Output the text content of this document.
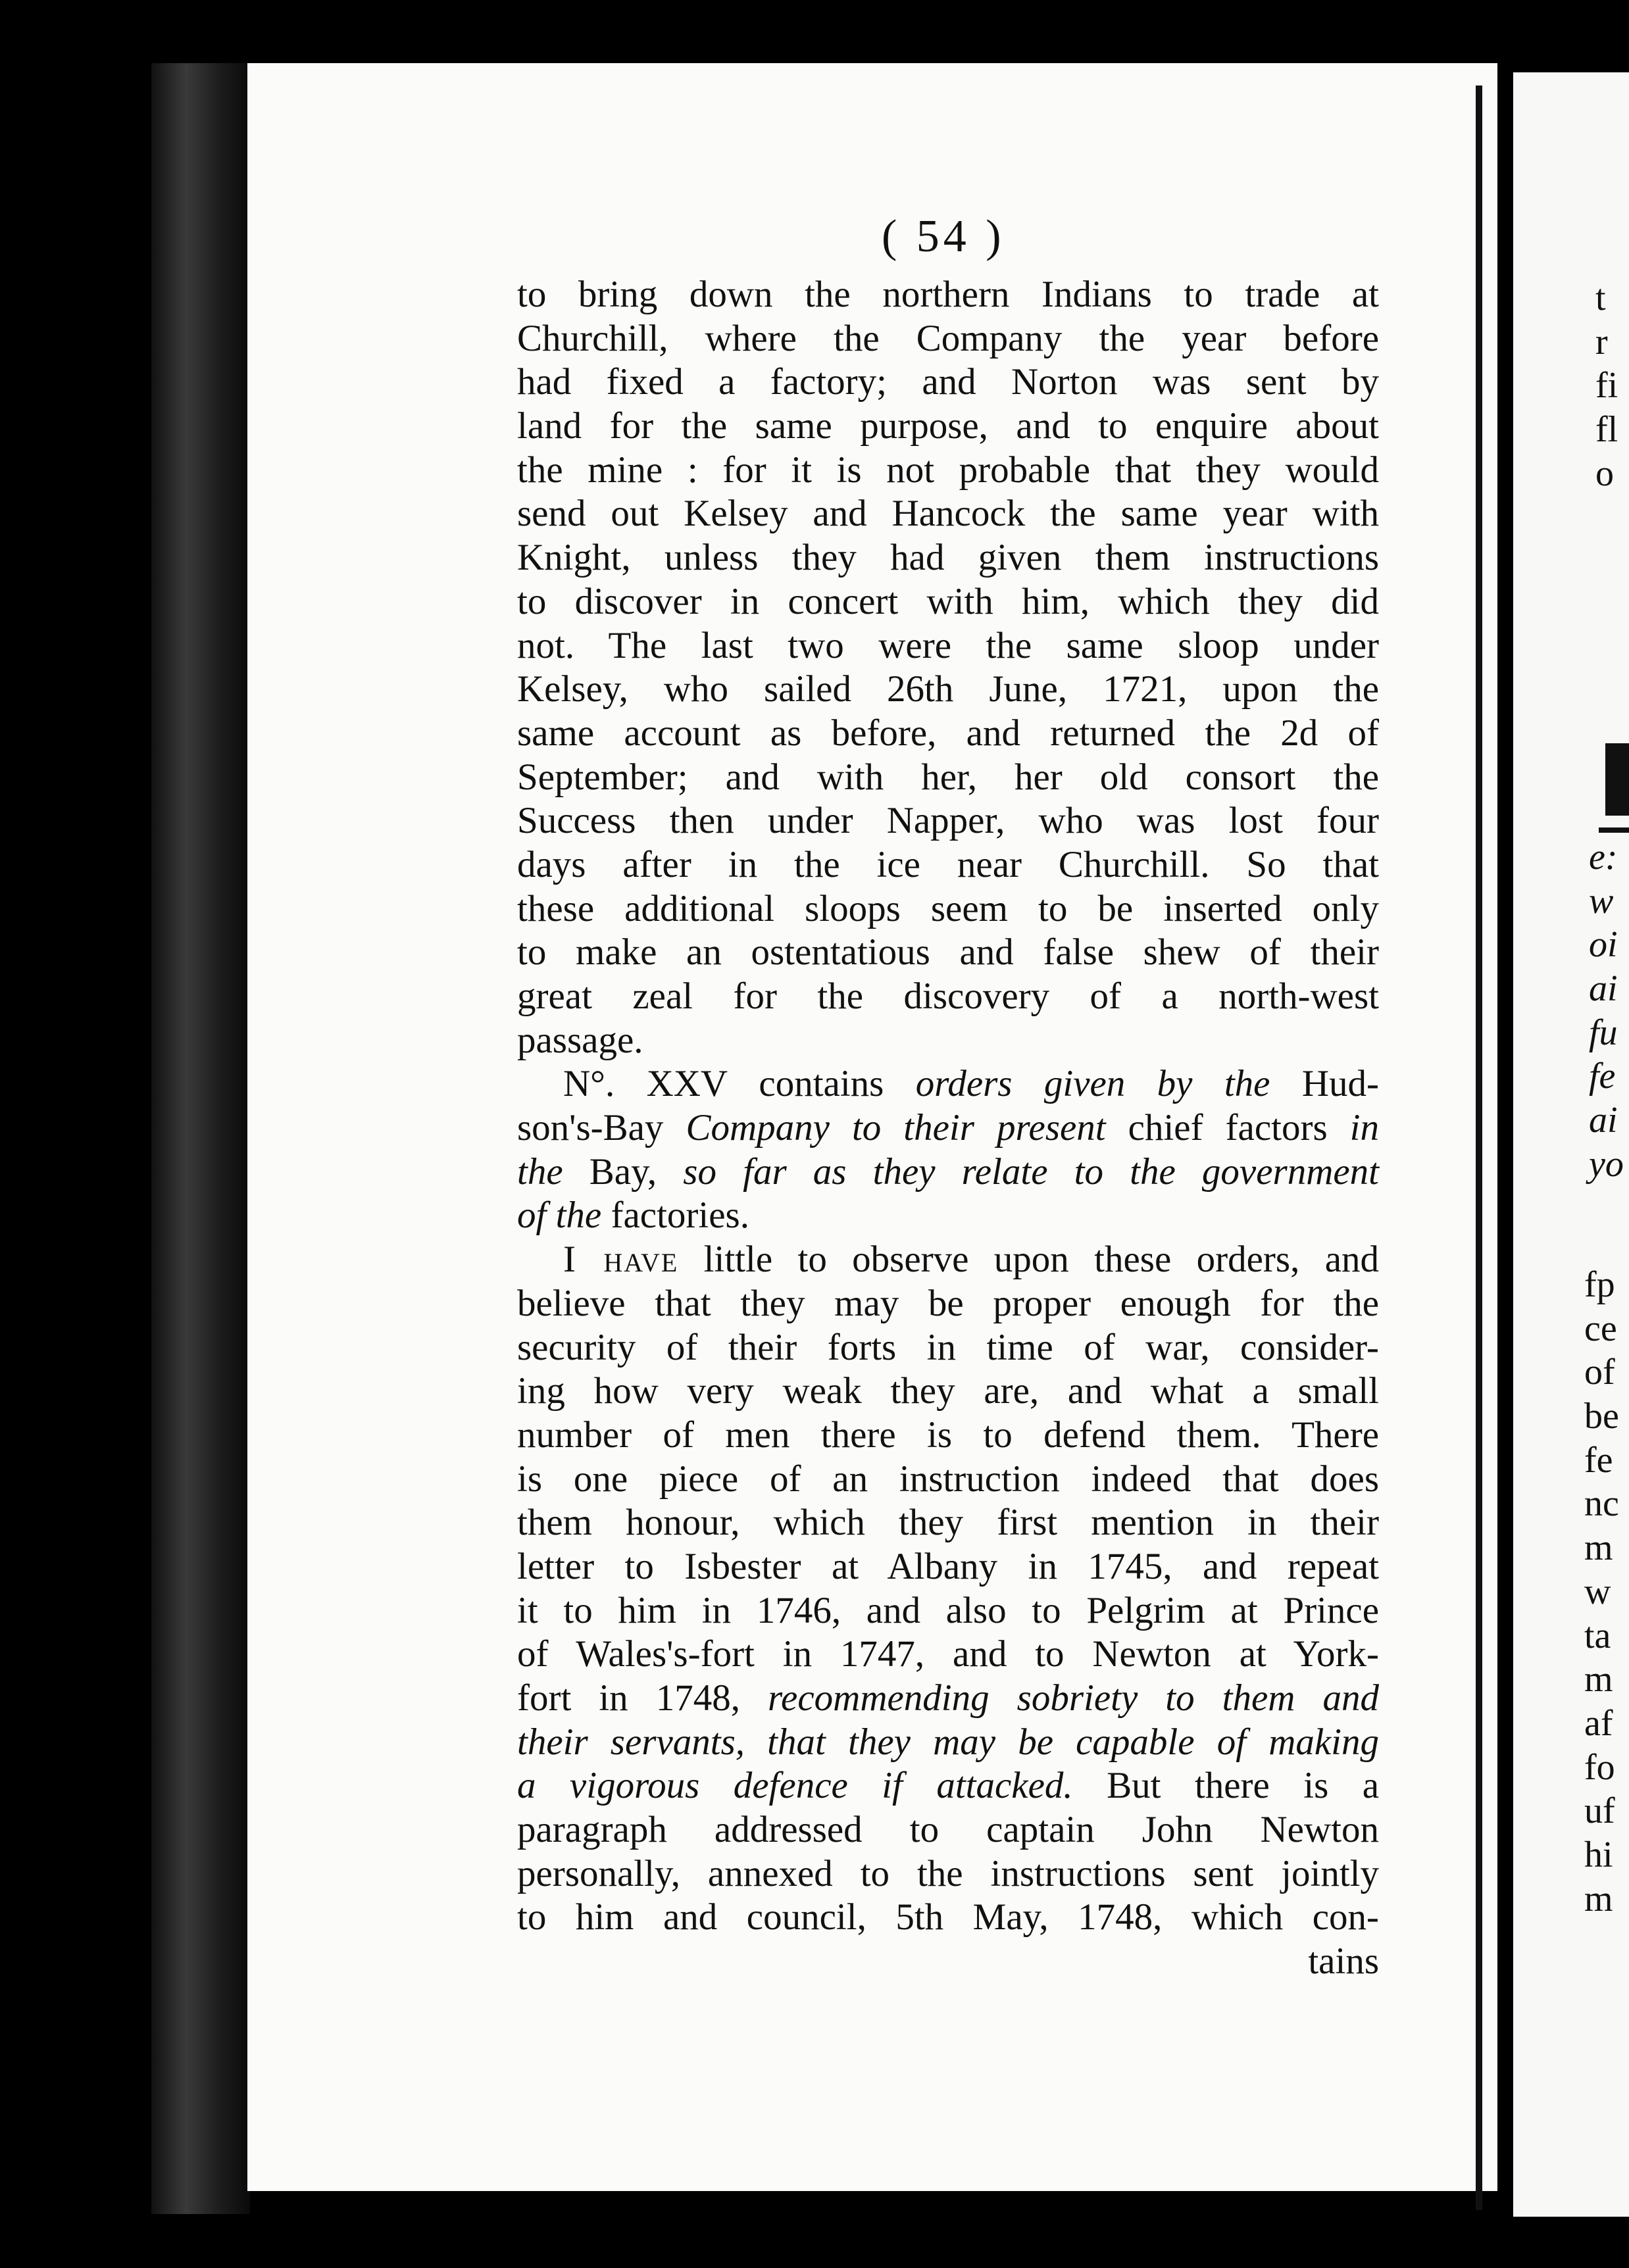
( 54 )
to bring down the northern Indians to trade at
Churchill, where the Company the year before
had fixed a factory; and Norton was sent by
land for the same purpose, and to enquire about
the mine : for it is not probable that they would
send out Kelsey and Hancock the same year with
Knight, unless they had given them instructions
to discover in concert with him, which they did
not. The last two were the same sloop under
Kelsey, who sailed 26th June, 1721, upon the
same account as before, and returned the 2d of
September; and with her, her old consort the
Success then under Napper, who was lost four
days after in the ice near Churchill. So that
these additional sloops seem to be inserted only
to make an ostentatious and false shew of their
great zeal for the discovery of a north-west
passage.
N°. XXV contains orders given by the Hud-
son's-Bay Company to their present chief factors in
the Bay, so far as they relate to the government
of the factories.
I have little to observe upon these orders, and
believe that they may be proper enough for the
security of their forts in time of war, consider-
ing how very weak they are, and what a small
number of men there is to defend them. There
is one piece of an instruction indeed that does
them honour, which they first mention in their
letter to Isbester at Albany in 1745, and repeat
it to him in 1746, and also to Pelgrim at Prince
of Wales's-fort in 1747, and to Newton at York-
fort in 1748, recommending sobriety to them and
their servants, that they may be capable of making
a vigorous defence if attacked. But there is a
paragraph addressed to captain John Newton
personally, annexed to the instructions sent jointly
to him and council, 5th May, 1748, which con-
tains
t
r
fi
fl
o
e:
w
oi
ai
fu
fe
ai
yo
fp
ce
of
be
fe
nc
m
w
ta
m
af
fo
uf
hi
m
